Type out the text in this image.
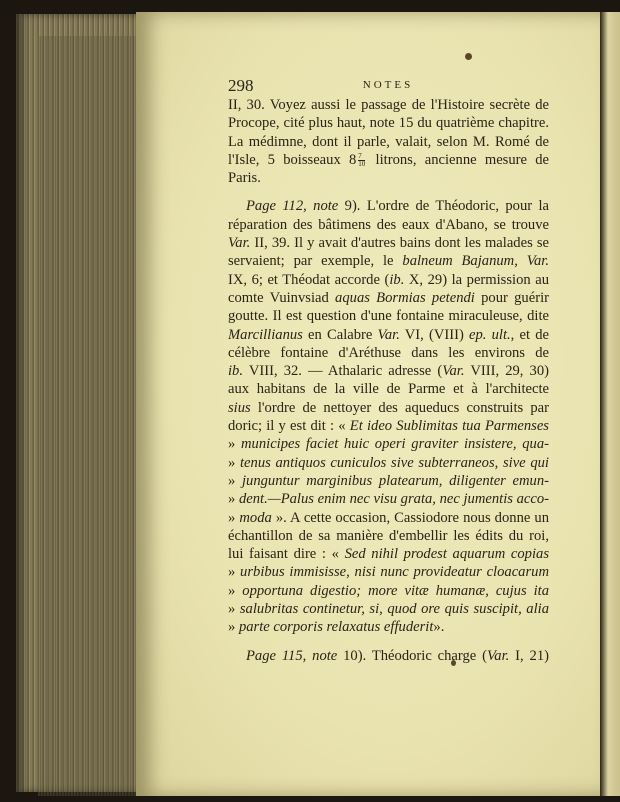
298	NOTES
II, 30. Voyez aussi le passage de l'Histoire secrète de
Procope, cité plus haut, note 15 du quatrième chapitre.
La médimne, dont il parle, valait, selon M. Romé de
l'Isle, 5 boisseaux $8 \frac{7}{10}$ litrons, ancienne mesure de
Paris.
Page 112, note 9). L'ordre de Théodoric, pour la
réparation des bâtimens des eaux d'Abano, se trouve
Var. II, 39. Il y avait d'autres bains dont les malades se
servaient; par exemple, le balneum Bajanum, Var.
IX, 6; et Théodat accorde (ib. X, 29) la permission au
comte Vuinvsiad aquas Bormias petendi pour guérir
goutte. Il est question d'une fontaine miraculeuse, dite
Marcillianus en Calabre Var. VI, (VIII) ep. ult., et de
célèbre fontaine d'Aréthuse dans les environs de
ib. VIII, 32. — Athalaric adresse (Var. VIII, 29, 30)
aux habitans de la ville de Parme et à l'architecte
sius l'ordre de nettoyer des aqueducs construits par
doric; il y est dit : « Et ideo Sublimitas tua Parmenses
» municipes faciet huic operi graviter insistere, qua-
» tenus antiquos cuniculos sive subterraneos, sive qui
» junguntur marginibus platearum, diligenter emun-
» dent.—Palus enim nec visu grata, nec jumentis acco-
» moda ». A cette occasion, Cassiodore nous donne un
échantillon de sa manière d'embellir les édits du roi,
lui faisant dire : « Sed nihil prodest aquarum copias
» urbibus immisisse, nisi nunc provideatur cloacarum
» opportuna digestio; more vitæ humanæ, cujus ita
» salubritas continetur, si, quod ore quis suscipit, alia
» parte corporis relaxatus effuderit».
Page 115, note 10). Théodoric charge (Var. I, 21)
